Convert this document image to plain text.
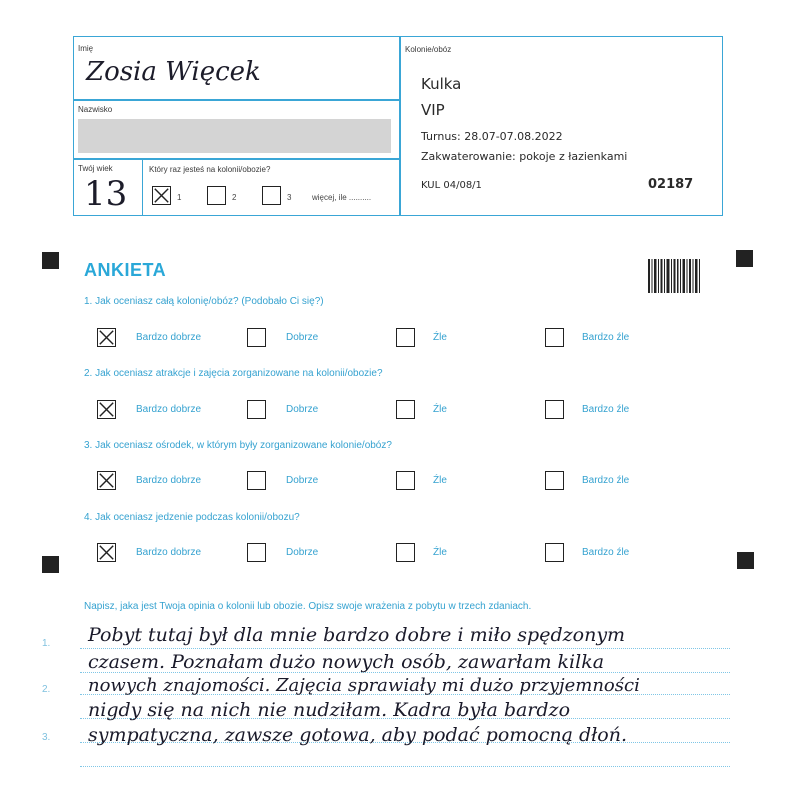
Imię
Zosia Więcek
Nazwisko
Twój wiek
13
Który raz jesteś na kolonii/obozie?
1	2	3	więcej, ile ..........
Kolonie/obóz
Kulka
VIP
Turnus: 28.07-07.08.2022
Zakwaterowanie: pokoje z łazienkami
KUL 04/08/1	02187
ANKIETA
1. Jak oceniasz całą kolonię/obóz? (Podobało Ci się?)
Bardzo dobrze	Dobrze	Źle	Bardzo źle
2. Jak oceniasz atrakcje i zajęcia zorganizowane na kolonii/obozie?
Bardzo dobrze	Dobrze	Źle	Bardzo źle
3. Jak oceniasz ośrodek, w którym były zorganizowane kolonie/obóz?
Bardzo dobrze	Dobrze	Źle	Bardzo źle
4. Jak oceniasz jedzenie podczas kolonii/obozu?
Bardzo dobrze	Dobrze	Źle	Bardzo źle
Napisz, jaka jest Twoja opinia o kolonii lub obozie. Opisz swoje wrażenia z pobytu w trzech zdaniach.
1.
2.
3.
Pobyt tutaj był dla mnie bardzo dobre i miło spędzonym
czasem. Poznałam dużo nowych osób, zawarłam kilka
nowych znajomości. Zajęcia sprawiały mi dużo przyjemności
nigdy się na nich nie nudziłam. Kadra była bardzo
sympatyczna, zawsze gotowa, aby podać pomocną dłoń.
